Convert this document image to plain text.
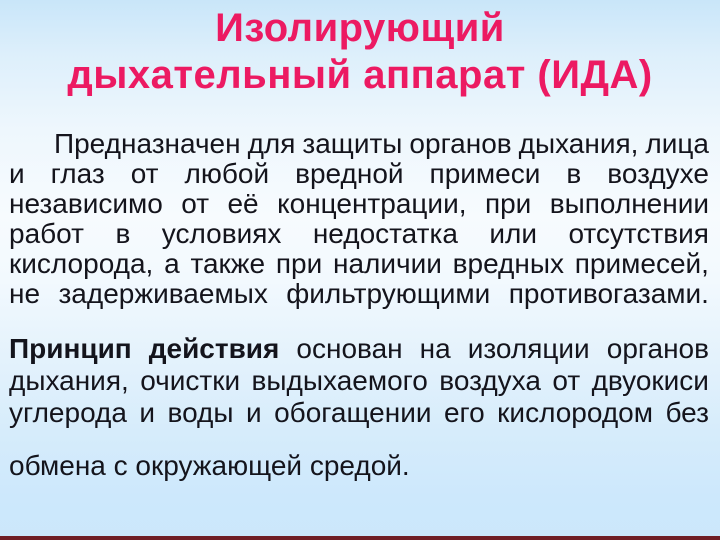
Изолирующий
дыхательный аппарат (ИДА)
Предназначен для защиты органов дыхания, лица
и глаз от любой вредной примеси в воздухе
независимо от её концентрации, при выполнении
работ в условиях недостатка или отсутствия
кислорода, а также при наличии вредных примесей,
не задерживаемых фильтрующими противогазами.
Принцип действия основан на изоляции органов
дыхания, очистки выдыхаемого воздуха от двуокиси
углерода и воды и обогащении его кислородом без
обмена с окружающей средой.
